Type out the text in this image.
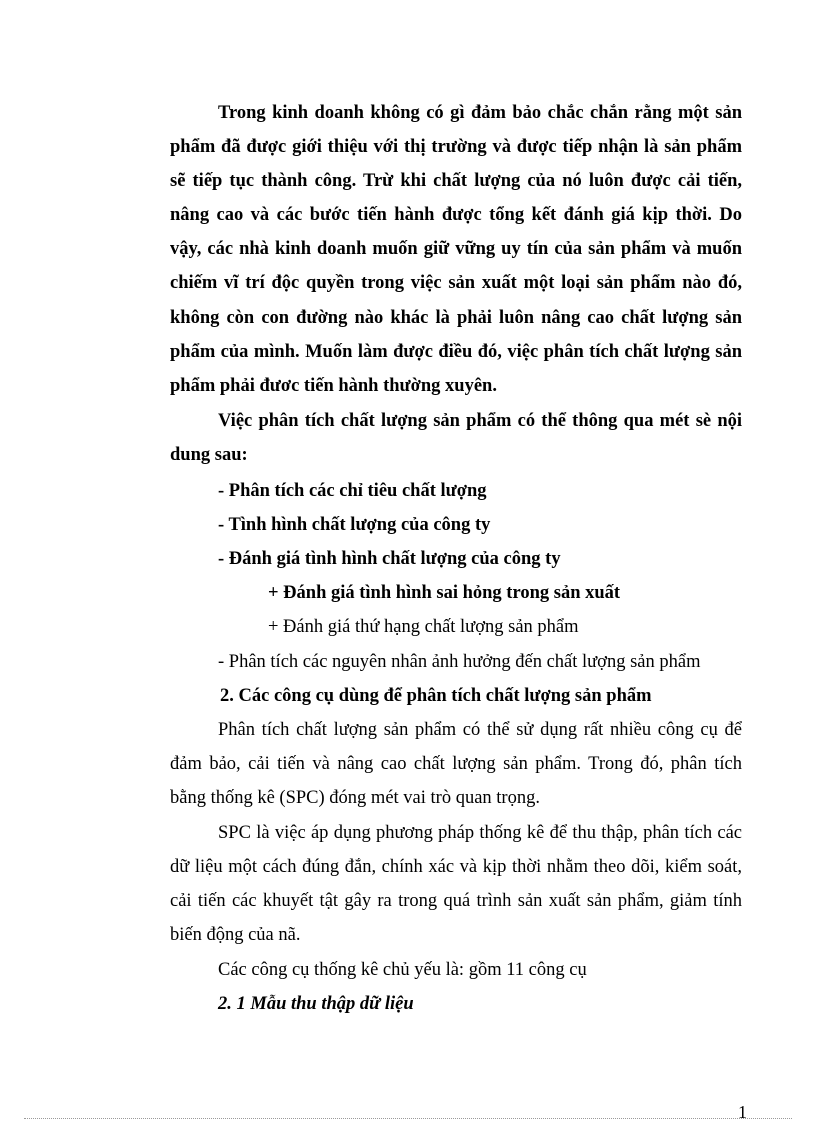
Trong kinh doanh không có gì đảm bảo chắc chắn rằng một sản
phẩm đã được giới thiệu với thị trường và được tiếp nhận là sản phẩm
sẽ tiếp tục thành công. Trừ khi chất lượng của nó luôn được cải tiến,
nâng cao và các bước tiến hành được tổng kết đánh giá kịp thời. Do
vậy, các nhà kinh doanh muốn giữ vững uy tín của sản phẩm và muốn
chiếm vĩ trí độc quyền trong việc sản xuất một loại sản phẩm nào đó,
không còn con đường nào khác là phải luôn nâng cao chất lượng sản
phẩm của mình. Muốn làm được điều đó, việc phân tích chất lượng sản
phẩm phải đươc tiến hành thường xuyên.
Việc phân tích chất lượng sản phẩm có thể thông qua mét sè nội
dung sau:
- Phân tích các chỉ tiêu chất lượng
- Tình hình chất lượng của công ty
- Đánh giá tình hình chất lượng của công ty
+ Đánh giá tình hình sai hỏng trong sản xuất
+ Đánh giá thứ hạng chất lượng sản phẩm
- Phân tích các nguyên nhân ảnh hưởng đến chất lượng sản phẩm
2. Các công cụ dùng để phân tích chất lượng sản phẩm
Phân tích chất lượng sản phẩm có thể sử dụng rất nhiều công cụ để
đảm bảo, cải tiến và nâng cao chất lượng sản phẩm. Trong đó, phân tích
bằng thống kê (SPC) đóng mét vai trò quan trọng.
SPC là việc áp dụng phương pháp thống kê để thu thập, phân tích các
dữ liệu một cách đúng đắn, chính xác và kịp thời nhằm theo dõi, kiểm soát,
cải tiến các khuyết tật gây ra trong quá trình sản xuất sản phẩm, giảm tính
biến động của nã.
Các công cụ thống kê chủ yếu là: gồm 11 công cụ
2. 1 Mẫu thu thập dữ liệu
1
